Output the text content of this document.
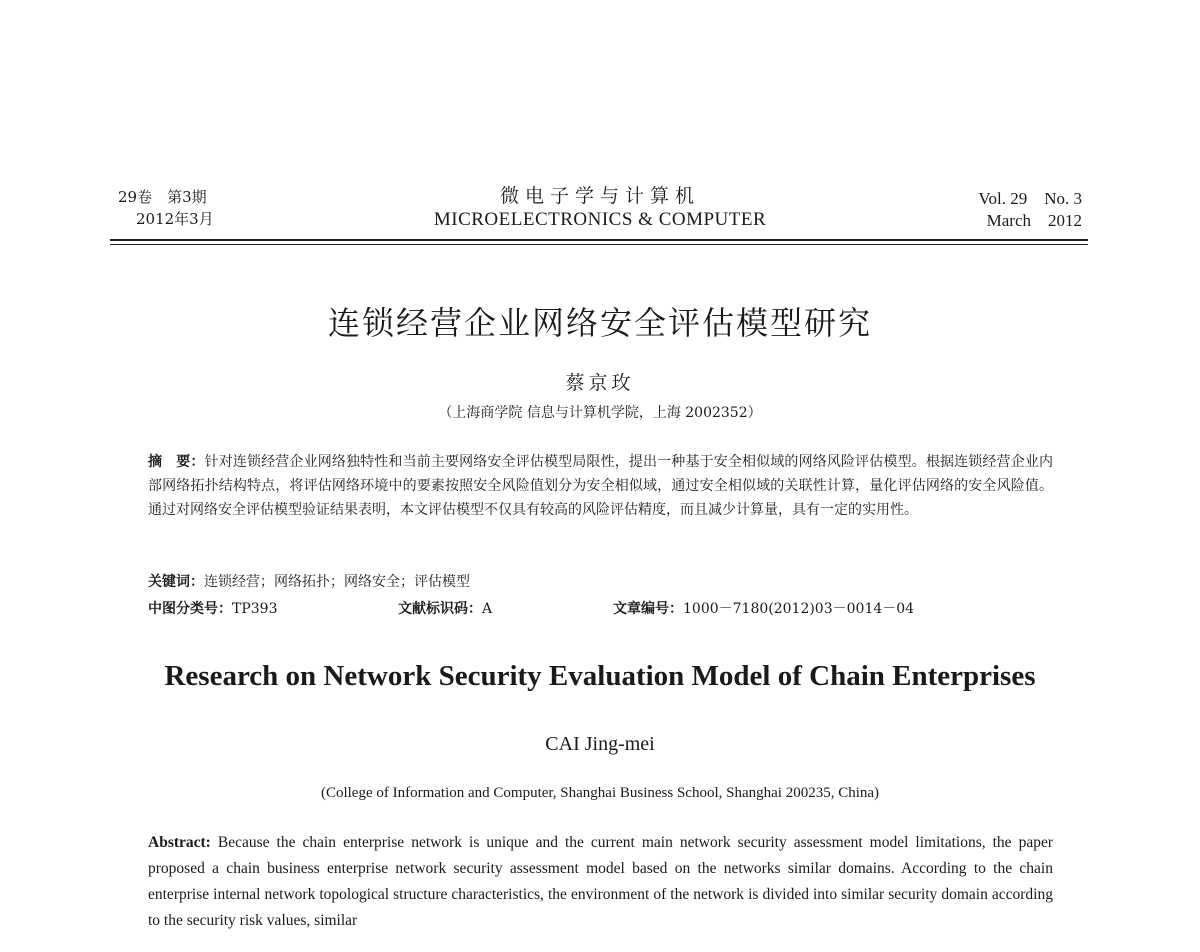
29卷　第3期
2012年3月
微电子学与计算机
MICROELECTRONICS & COMPUTER
Vol. 29　No. 3
March　2012
连锁经营企业网络安全评估模型研究
蔡京玫
（上海商学院 信息与计算机学院，上海 2002352）
摘　要：针对连锁经营企业网络独特性和当前主要网络安全评估模型局限性，提出一种基于安全相似域的网络风险评估模型。根据连锁经营企业内部网络拓扑结构特点，将评估网络环境中的要素按照安全风险值划分为安全相似域，通过安全相似域的关联性计算，量化评估网络的安全风险值。通过对网络安全评估模型验证结果表明，本文评估模型不仅具有较高的风险评估精度，而且减少计算量，具有一定的实用性。
关键词：连锁经营；网络拓扑；网络安全；评估模型
中图分类号：TP393	文献标识码：A	文章编号：1000－7180(2012)03－0014－04
Research on Network Security Evaluation Model of Chain Enterprises
CAI Jing-mei
(College of Information and Computer, Shanghai Business School, Shanghai 200235, China)
Abstract: Because the chain enterprise network is unique and the current main network security assessment model limitations, the paper proposed a chain business enterprise network security assessment model based on the networks similar domains. According to the chain enterprise internal network topological structure characteristics, the environment of the network is divided into similar security domain according to the security risk values, similar
